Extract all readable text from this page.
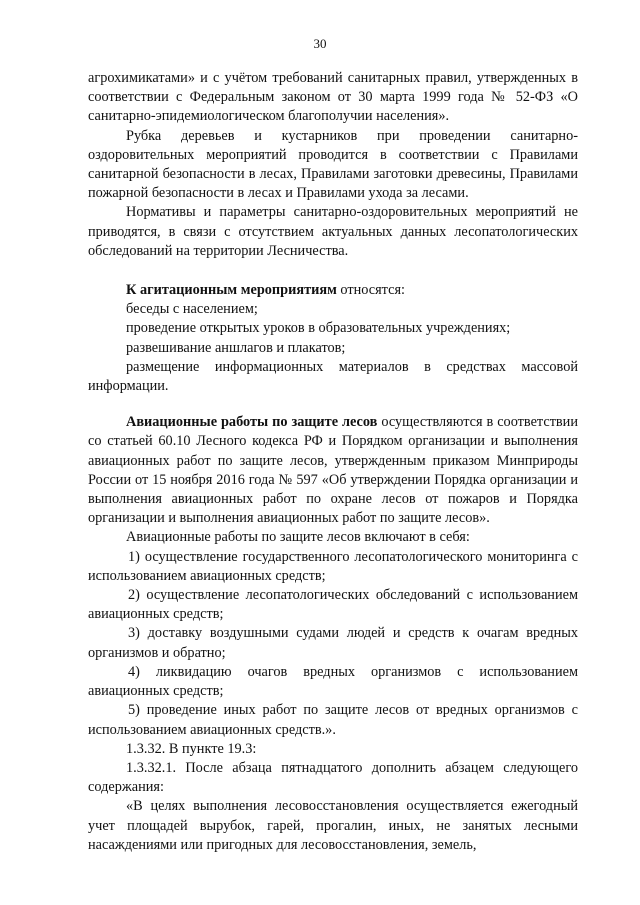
30

агрохимикатами» и с учётом требований санитарных правил, утвержденных в соответствии с Федеральным законом от 30 марта 1999 года № 52-ФЗ «О санитарно-эпидемиологическом благополучии населения».

Рубка деревьев и кустарников при проведении санитарно-оздоровительных мероприятий проводится в соответствии с Правилами санитарной безопасности в лесах, Правилами заготовки древесины, Правилами пожарной безопасности в лесах и Правилами ухода за лесами.

Нормативы и параметры санитарно-оздоровительных мероприятий не приводятся, в связи с отсутствием актуальных данных лесопатологических обследований на территории Лесничества.

К агитационным мероприятиям относятся:

беседы с населением;

проведение открытых уроков в образовательных учреждениях;

развешивание аншлагов и плакатов;

размещение информационных материалов в средствах массовой информации.

Авиационные работы по защите лесов осуществляются в соответствии со статьей 60.10 Лесного кодекса РФ и Порядком организации и выполнения авиационных работ по защите лесов, утвержденным приказом Минприроды России от 15 ноября 2016 года № 597 «Об утверждении Порядка организации и выполнения авиационных работ по охране лесов от пожаров и Порядка организации и выполнения авиационных работ по защите лесов».

Авиационные работы по защите лесов включают в себя:

1) осуществление государственного лесопатологического мониторинга с использованием авиационных средств;

2) осуществление лесопатологических обследований с использованием авиационных средств;

3) доставку воздушными судами людей и средств к очагам вредных организмов и обратно;

4) ликвидацию очагов вредных организмов с использованием авиационных средств;

5) проведение иных работ по защите лесов от вредных организмов с использованием авиационных средств.».

1.3.32. В пункте 19.3:

1.3.32.1. После абзаца пятнадцатого дополнить абзацем следующего содержания:

«В целях выполнения лесовосстановления осуществляется ежегодный учет площадей вырубок, гарей, прогалин, иных, не занятых лесными насаждениями или пригодных для лесовосстановления, земель,
